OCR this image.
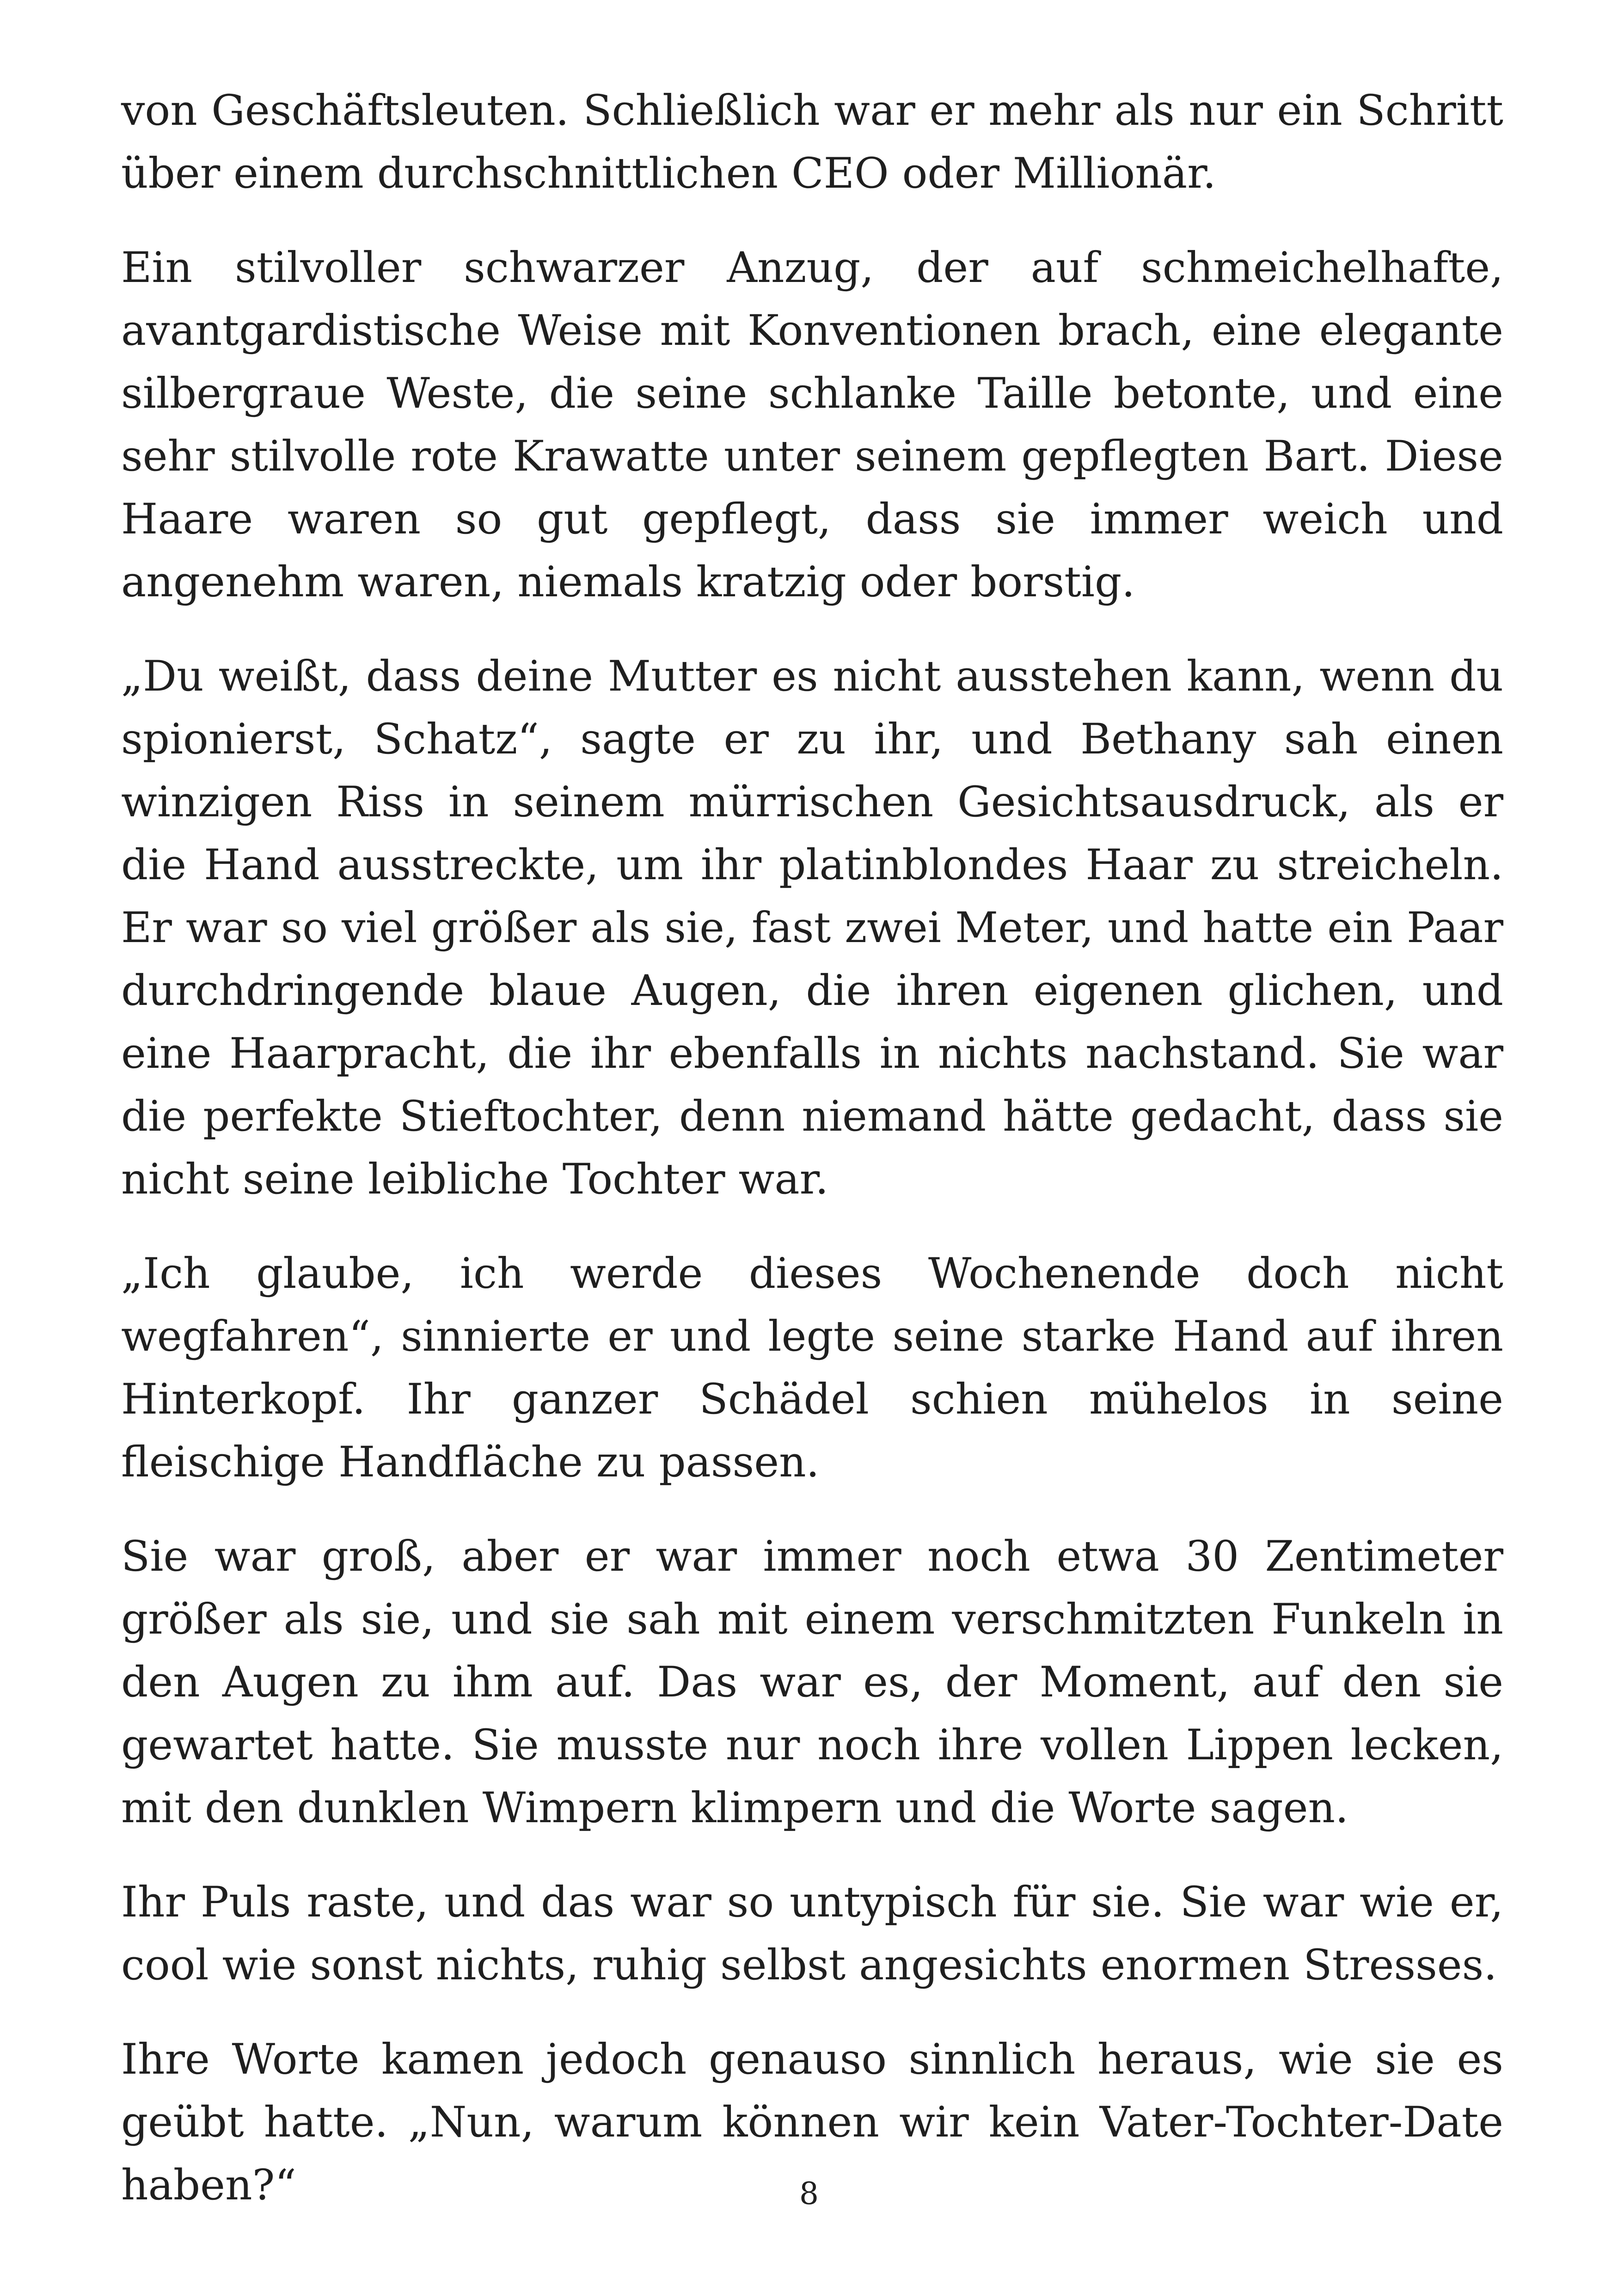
von Geschäftsleuten. Schließlich war er mehr als nur ein Schritt über einem durchschnittlichen CEO oder Millionär.

Ein stilvoller schwarzer Anzug, der auf schmeichelhafte, avantgardistische Weise mit Konventionen brach, eine elegante silbergraue Weste, die seine schlanke Taille betonte, und eine sehr stilvolle rote Krawatte unter seinem gepflegten Bart. Diese Haare waren so gut gepflegt, dass sie immer weich und angenehm waren, niemals kratzig oder borstig.

„Du weißt, dass deine Mutter es nicht ausstehen kann, wenn du spionierst, Schatz“, sagte er zu ihr, und Bethany sah einen winzigen Riss in seinem mürrischen Gesichtsausdruck, als er die Hand ausstreckte, um ihr platinblondes Haar zu streicheln. Er war so viel größer als sie, fast zwei Meter, und hatte ein Paar durchdringende blaue Augen, die ihren eigenen glichen, und eine Haarpracht, die ihr ebenfalls in nichts nachstand. Sie war die perfekte Stieftochter, denn niemand hätte gedacht, dass sie nicht seine leibliche Tochter war.

„Ich glaube, ich werde dieses Wochenende doch nicht wegfahren“, sinnierte er und legte seine starke Hand auf ihren Hinterkopf. Ihr ganzer Schädel schien mühelos in seine fleischige Handfläche zu passen.

Sie war groß, aber er war immer noch etwa 30 Zentimeter größer als sie, und sie sah mit einem verschmitzten Funkeln in den Augen zu ihm auf. Das war es, der Moment, auf den sie gewartet hatte. Sie musste nur noch ihre vollen Lippen lecken, mit den dunklen Wimpern klimpern und die Worte sagen.

Ihr Puls raste, und das war so untypisch für sie. Sie war wie er, cool wie sonst nichts, ruhig selbst angesichts enormen Stresses.

Ihre Worte kamen jedoch genauso sinnlich heraus, wie sie es geübt hatte. „Nun, warum können wir kein Vater-Tochter-Date haben?“	8
